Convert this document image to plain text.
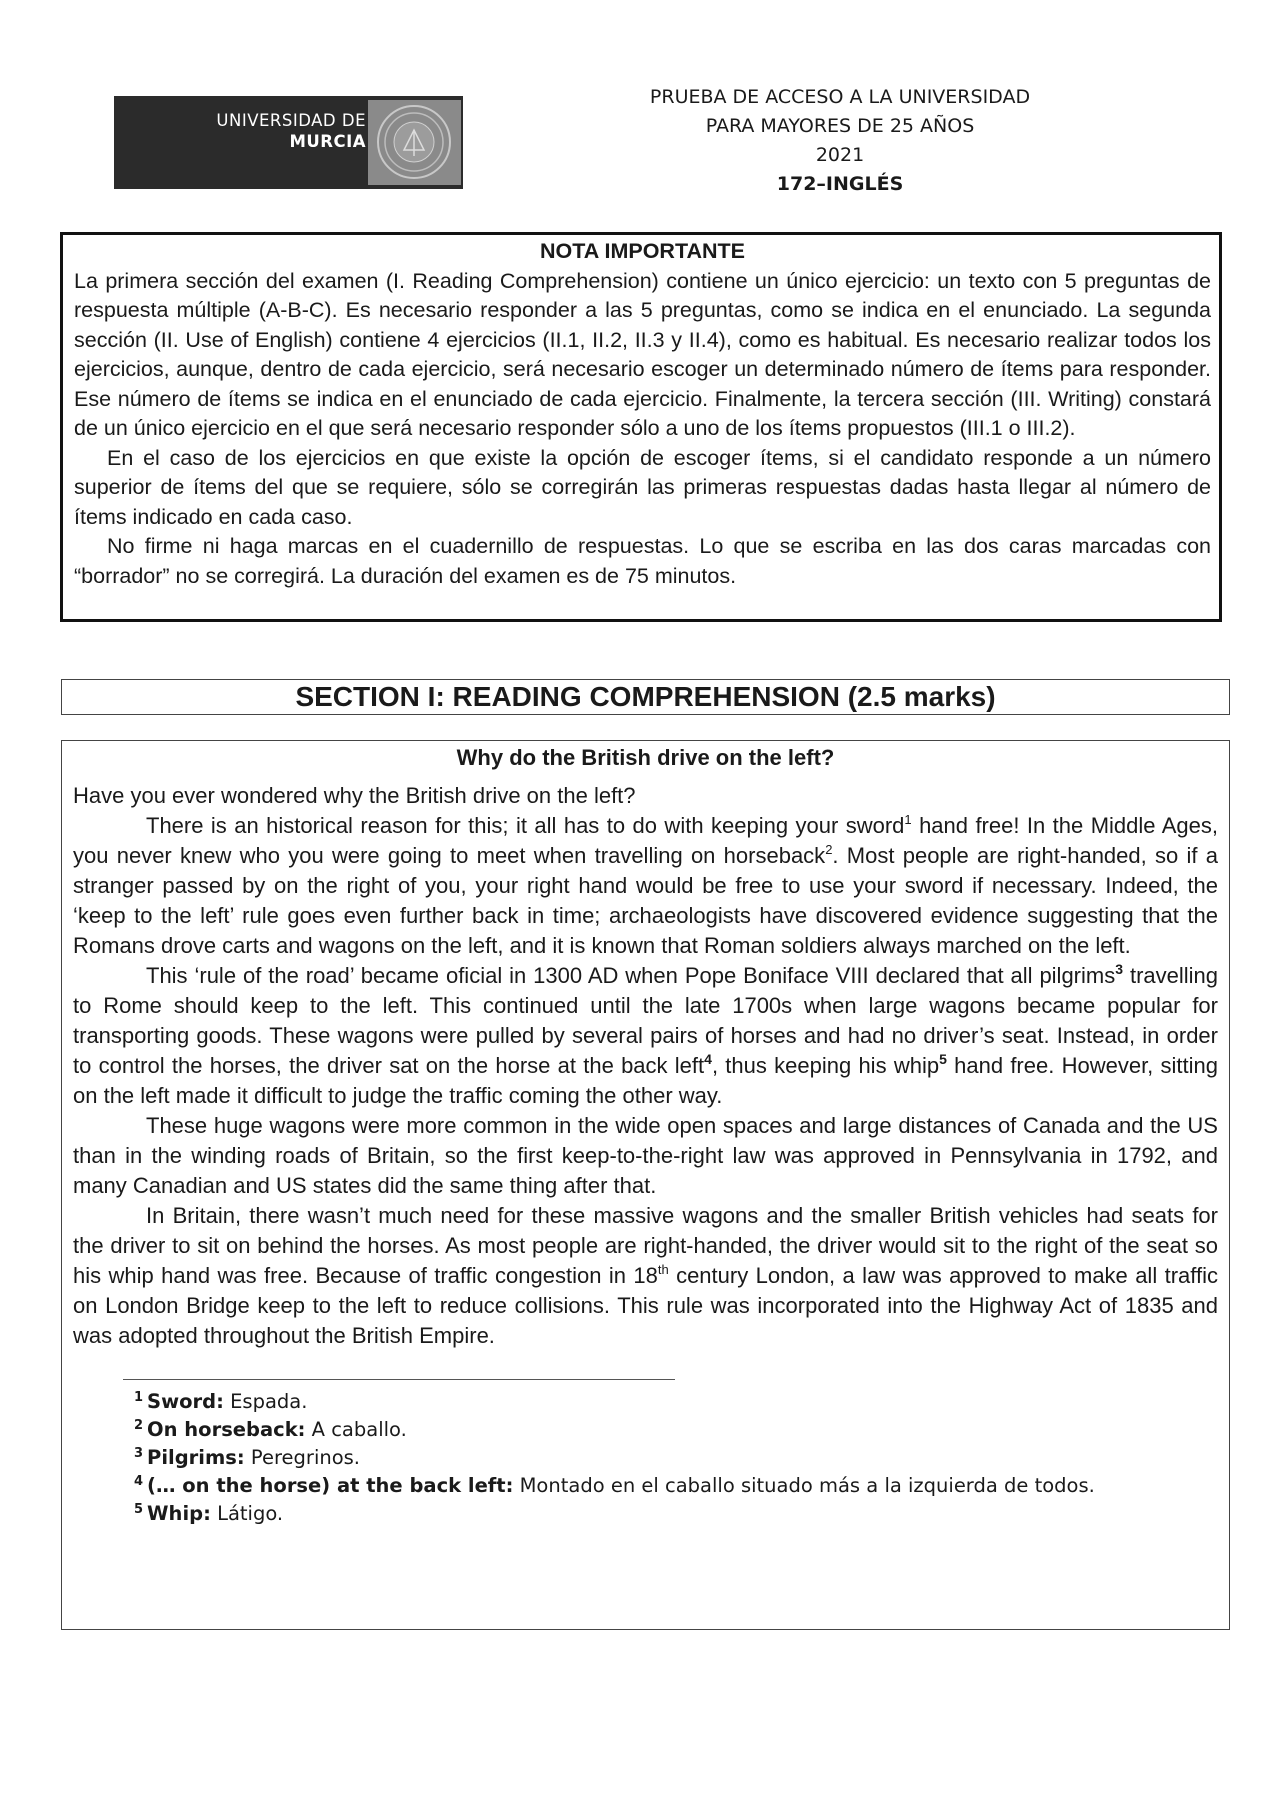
UNIVERSIDAD DE
MURCIA
PRUEBA DE ACCESO A LA UNIVERSIDAD
PARA MAYORES DE 25 AÑOS
2021
172–INGLÉS
NOTA IMPORTANTE

La primera sección del examen (I. Reading Comprehension) contiene un único ejercicio: un texto con 5 preguntas de respuesta múltiple (A-B-C). Es necesario responder a las 5 preguntas, como se indica en el enunciado. La segunda sección (II. Use of English) contiene 4 ejercicios (II.1, II.2, II.3 y II.4), como es habitual. Es necesario realizar todos los ejercicios, aunque, dentro de cada ejercicio, será necesario escoger un determinado número de ítems para responder. Ese número de ítems se indica en el enunciado de cada ejercicio. Finalmente, la tercera sección (III. Writing) constará de un único ejercicio en el que será necesario responder sólo a uno de los ítems propuestos (III.1 o III.2).

En el caso de los ejercicios en que existe la opción de escoger ítems, si el candidato responde a un número superior de ítems del que se requiere, sólo se corregirán las primeras respuestas dadas hasta llegar al número de ítems indicado en cada caso.

No firme ni haga marcas en el cuadernillo de respuestas. Lo que se escriba en las dos caras marcadas con “borrador” no se corregirá. La duración del examen es de 75 minutos.

SECTION I: READING COMPREHENSION (2.5 marks)
Why do the British drive on the left?

Have you ever wondered why the British drive on the left?

There is an historical reason for this; it all has to do with keeping your sword$^1$ hand free! In the Middle Ages, you never knew who you were going to meet when travelling on horseback$^2$. Most people are right-handed, so if a stranger passed by on the right of you, your right hand would be free to use your sword if necessary. Indeed, the ‘keep to the left’ rule goes even further back in time; archaeologists have discovered evidence suggesting that the Romans drove carts and wagons on the left, and it is known that Roman soldiers always marched on the left.

This ‘rule of the road’ became oficial in 1300 AD when Pope Boniface VIII declared that all pilgrims$^3$ travelling to Rome should keep to the left. This continued until the late 1700s when large wagons became popular for transporting goods. These wagons were pulled by several pairs of horses and had no driver’s seat. Instead, in order to control the horses, the driver sat on the horse at the back left$^4$, thus keeping his whip$^5$ hand free. However, sitting on the left made it difficult to judge the traffic coming the other way.

These huge wagons were more common in the wide open spaces and large distances of Canada and the US than in the winding roads of Britain, so the first keep-to-the-right law was approved in Pennsylvania in 1792, and many Canadian and US states did the same thing after that.

In Britain, there wasn’t much need for these massive wagons and the smaller British vehicles had seats for the driver to sit on behind the horses. As most people are right-handed, the driver would sit to the right of the seat so his whip hand was free. Because of traffic congestion in 18th century London, a law was approved to make all traffic on London Bridge keep to the left to reduce collisions. This rule was incorporated into the Highway Act of 1835 and was adopted throughout the British Empire.

$^1$ Sword: Espada.
$^2$ On horseback: A caballo.
$^3$ Pilgrims: Peregrinos.
$^4$ (… on the horse) at the back left: Montado en el caballo situado más a la izquierda de todos.
$^5$ Whip: Látigo.
